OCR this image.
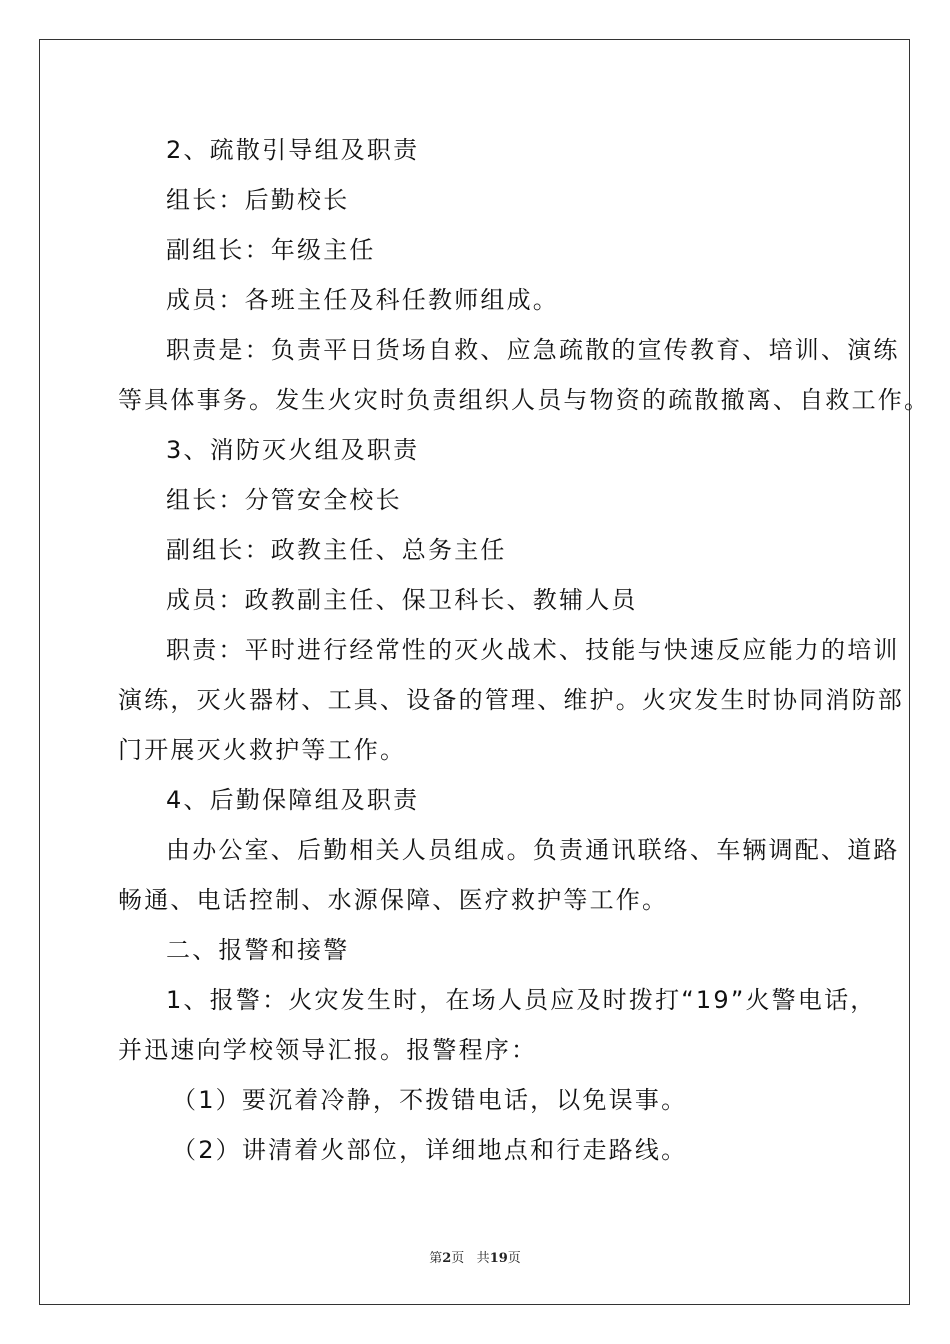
2、疏散引导组及职责
组长：后勤校长
副组长：年级主任
成员：各班主任及科任教师组成。
职责是：负责平日货场自救、应急疏散的宣传教育、培训、演练
等具体事务。发生火灾时负责组织人员与物资的疏散撤离、自救工作。
3、消防灭火组及职责
组长：分管安全校长
副组长：政教主任、总务主任
成员：政教副主任、保卫科长、教辅人员
职责：平时进行经常性的灭火战术、技能与快速反应能力的培训
演练，灭火器材、工具、设备的管理、维护。火灾发生时协同消防部
门开展灭火救护等工作。
4、后勤保障组及职责
由办公室、后勤相关人员组成。负责通讯联络、车辆调配、道路
畅通、电话控制、水源保障、医疗救护等工作。
二、报警和接警
1、报警：火灾发生时，在场人员应及时拨打“19”火警电话，
并迅速向学校领导汇报。报警程序：
（1）要沉着冷静，不拨错电话，以免误事。
（2）讲清着火部位，详细地点和行走路线。
第2页 共19页
